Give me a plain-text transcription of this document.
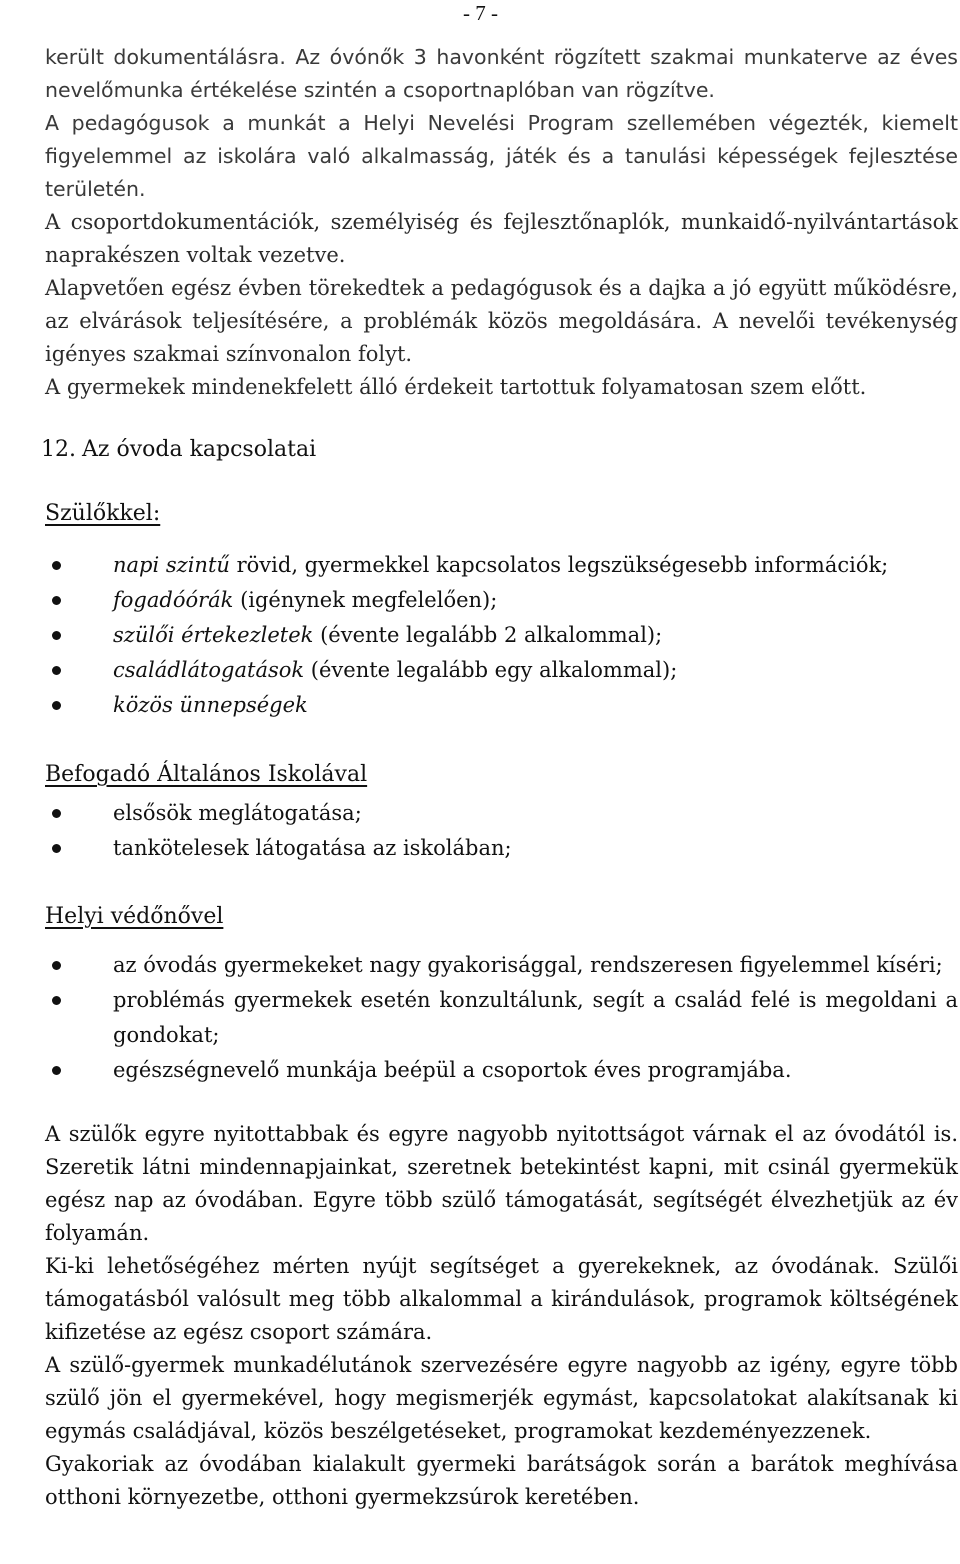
- 7 -

került dokumentálásra. Az óvónők 3 havonként rögzített szakmai munkaterve az éves nevelőmunka értékelése szintén a csoportnaplóban van rögzítve.

A pedagógusok a munkát a Helyi Nevelési Program szellemében végezték, kiemelt figyelemmel az iskolára való alkalmasság, játék és a tanulási képességek fejlesztése területén.

A csoportdokumentációk, személyiség és fejlesztőnaplók, munkaidő-nyilvántartások naprakészen voltak vezetve.

Alapvetően egész évben törekedtek a pedagógusok és a dajka a jó együtt működésre, az elvárások teljesítésére, a problémák közös megoldására. A nevelői tevékenység igényes szakmai színvonalon folyt.

A gyermekek mindenekfelett álló érdekeit tartottuk folyamatosan szem előtt.

12. Az óvoda kapcsolatai

Szülőkkel:

napi szintű rövid, gyermekkel kapcsolatos legszükségesebb információk;
fogadóórák (igénynek megfelelően);
szülői értekezletek (évente legalább 2 alkalommal);
családlátogatások (évente legalább egy alkalommal);
közös ünnepségek

Befogadó Általános Iskolával

elsősök meglátogatása;
tankötelesek látogatása az iskolában;

Helyi védőnővel

az óvodás gyermekeket nagy gyakorisággal, rendszeresen figyelemmel kíséri;
problémás gyermekek esetén konzultálunk, segít a család felé is megoldani a gondokat;
egészségnevelő munkája beépül a csoportok éves programjába.

A szülők egyre nyitottabbak és egyre nagyobb nyitottságot várnak el az óvodától is. Szeretik látni mindennapjainkat, szeretnek betekintést kapni, mit csinál gyermekük egész nap az óvodában. Egyre több szülő támogatását, segítségét élvezhetjük az év folyamán.

Ki-ki lehetőségéhez mérten nyújt segítséget a gyerekeknek, az óvodának. Szülői támogatásból valósult meg több alkalommal a kirándulások, programok költségének kifizetése az egész csoport számára.

A szülő-gyermek munkadélutánok szervezésére egyre nagyobb az igény, egyre több szülő jön el gyermekével, hogy megismerjék egymást, kapcsolatokat alakítsanak ki egymás családjával, közös beszélgetéseket, programokat kezdeményezzenek.

Gyakoriak az óvodában kialakult gyermeki barátságok során a barátok meghívása otthoni környezetbe, otthoni gyermekzsúrok keretében.
